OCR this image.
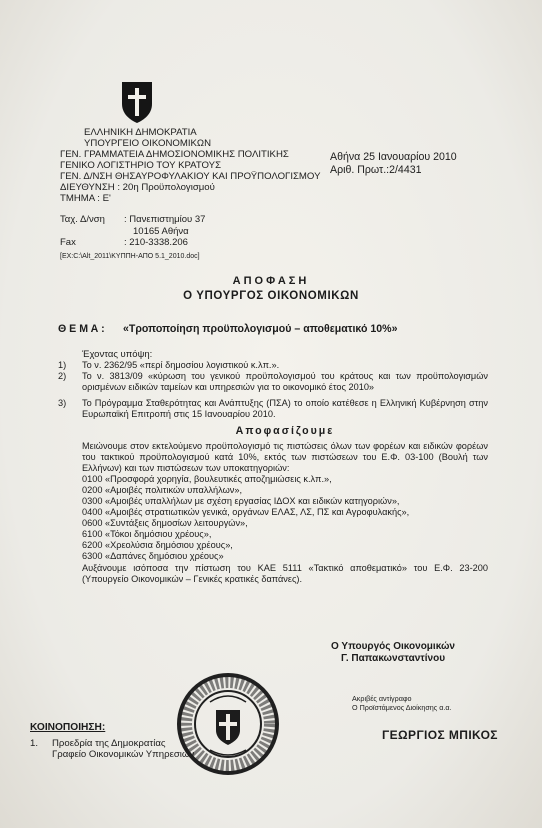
ΕΛΛΗΝΙΚΗ ΔΗΜΟΚΡΑΤΙΑ
ΥΠΟΥΡΓΕΙΟ ΟΙΚΟΝΟΜΙΚΩΝ
ΓΕΝ. ΓΡΑΜΜΑΤΕΙΑ ΔΗΜΟΣΙΟΝΟΜΙΚΗΣ ΠΟΛΙΤΙΚΗΣ
ΓΕΝΙΚΟ ΛΟΓΙΣΤΗΡΙΟ ΤΟΥ ΚΡΑΤΟΥΣ
ΓΕΝ. Δ/ΝΣΗ ΘΗΣΑΥΡΟΦΥΛΑΚΙΟΥ ΚΑΙ ΠΡΟΫΠΟΛΟΓΙΣΜΟΥ
ΔΙΕΥΘΥΝΣΗ : 20η Προϋπολογισμού
ΤΜΗΜΑ : Ε'
Αθήνα 25 Ιανουαρίου 2010
Αριθ. Πρωτ.:2/4431
Ταχ. Δ/νση	: Πανεπιστημίου 37
10165 Αθήνα
Fax	: 210-3338.206
[EX:C:\Alt_2011\ΚΥΠΠΗ-ΑΠΟ 5.1_2010.doc]
ΑΠΟΦΑΣΗ
Ο ΥΠΟΥΡΓΟΣ ΟΙΚΟΝΟΜΙΚΩΝ
Θ Ε Μ Α : «Τροποποίηση προϋπολογισμού – αποθεματικό 10%»
Έχοντας υπόψη:
1)	Το ν. 2362/95 «περί δημοσίου λογιστικού κ.λπ.».
2)	Το ν. 3813/09 «κύρωση του γενικού προϋπολογισμού του κράτους και των προϋπολογισμών ορισμένων ειδικών ταμείων και υπηρεσιών για το οικονομικό έτος 2010»
3)	Το Πρόγραμμα Σταθερότητας και Ανάπτυξης (ΠΣΑ) το οποίο κατέθεσε η Ελληνική Κυβέρνηση στην Ευρωπαϊκή Επιτροπή στις 15 Ιανουαρίου 2010.
Αποφασίζουμε
Μειώνουμε στον εκτελούμενο προϋπολογισμό τις πιστώσεις όλων των φορέων και ειδικών φορέων του τακτικού προϋπολογισμού κατά 10%, εκτός των πιστώσεων του Ε.Φ. 03-100 (Βουλή των Ελλήνων) και των πιστώσεων των υποκατηγοριών:
0100 «Προσφορά χορηγία, βουλευτικές αποζημιώσεις κ.λπ.»,
0200 «Αμοιβές πολιτικών υπαλλήλων»,
0300 «Αμοιβές υπαλλήλων με σχέση εργασίας ΙΔΟΧ και ειδικών κατηγοριών»,
0400 «Αμοιβές στρατιωτικών γενικά, οργάνων ΕΛΑΣ, ΛΣ, ΠΣ και Αγροφυλακής»,
0600 «Συντάξεις δημοσίων λειτουργών»,
6100 «Τόκοι δημόσιου χρέους»,
6200 «Χρεολύσια δημόσιου χρέους»,
6300 «Δαπάνες δημόσιου χρέους»
Αυξάνουμε ισόποσα την πίστωση του ΚΑΕ 5111 «Τακτικό αποθεματικό» του Ε.Φ. 23-200 (Υπουργείο Οικονομικών – Γενικές κρατικές δαπάνες).
Ο Υπουργός Οικονομικών
Γ. Παπακωνσταντίνου
Ακριβές αντίγραφο
Ο Προϊστάμενος Διοίκησης α.α.
ΓΕΩΡΓΙΟΣ ΜΠΙΚΟΣ
ΚΟΙΝΟΠΟΙΗΣΗ:
1.	Προεδρία της Δημοκρατίας
Γραφείο Οικονομικών Υπηρεσιών
